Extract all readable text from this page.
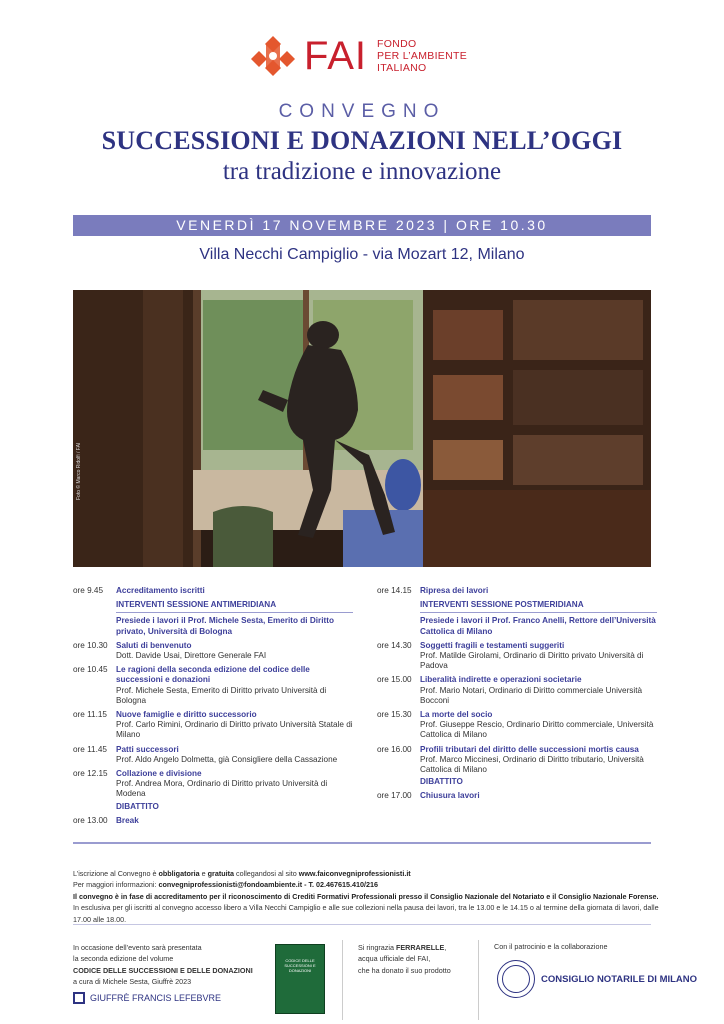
FAI FONDO
PER L’AMBIENTE
ITALIANO
CONVEGNO
SUCCESSIONI E DONAZIONI NELL’OGGI
tra tradizione e innovazione
VENERDÌ 17 NOVEMBRE 2023 | ORE 10.30
Villa Necchi Campiglio - via Mozart 12, Milano
Foto © Marco Ridolfi / FAI
ore 9.45	Accreditamento iscritti
INTERVENTI SESSIONE ANTIMERIDIANA
Presiede i lavori il Prof. Michele Sesta, Emerito di Diritto privato, Università di Bologna
ore 10.30	Saluti di benvenuto
Dott. Davide Usai, Direttore Generale FAI
ore 10.45	Le ragioni della seconda edizione del codice delle successioni e donazioni
Prof. Michele Sesta, Emerito di Diritto privato Università di Bologna
ore 11.15	Nuove famiglie e diritto successorio
Prof. Carlo Rimini, Ordinario di Diritto privato Università Statale di Milano
ore 11.45	Patti successori
Prof. Aldo Angelo Dolmetta, già Consigliere della Cassazione
ore 12.15	Collazione e divisione
Prof. Andrea Mora, Ordinario di Diritto privato Università di Modena
DIBATTITO
ore 13.00	Break
ore 14.15	Ripresa dei lavori
INTERVENTI SESSIONE POSTMERIDIANA
Presiede i lavori il Prof. Franco Anelli, Rettore dell’Università Cattolica di Milano
ore 14.30	Soggetti fragili e testamenti suggeriti
Prof. Matilde Girolami, Ordinario di Diritto privato Università di Padova
ore 15.00	Liberalità indirette e operazioni societarie
Prof. Mario Notari, Ordinario di Diritto commerciale Università Bocconi
ore 15.30	La morte del socio
Prof. Giuseppe Rescio, Ordinario Diritto commerciale, Università Cattolica di Milano
ore 16.00	Profili tributari del diritto delle successioni mortis causa
Prof. Marco Miccinesi, Ordinario di Diritto tributario, Università Cattolica di Milano
DIBATTITO
ore 17.00	Chiusura lavori
L’iscrizione al Convegno è obbligatoria e gratuita collegandosi al sito www.faiconvegniprofessionisti.it
Per maggiori informazioni: convegniprofessionisti@fondoambiente.it - T. 02.467615.410/216
Il convegno è in fase di accreditamento per il riconoscimento di Crediti Formativi Professionali presso il Consiglio Nazionale del Notariato e il Consiglio Nazionale Forense.
In esclusiva per gli iscritti al convegno accesso libero a Villa Necchi Campiglio e alle sue collezioni nella pausa dei lavori, tra le 13.00 e le 14.15 o al termine della giornata di lavori, dalle 17.00 alle 18.00.
In occasione dell’evento sarà presentata
la seconda edizione del volume
CODICE DELLE SUCCESSIONI E DELLE DONAZIONI
a cura di Michele Sesta, Giuffrè 2023
GIUFFRÈ FRANCIS LEFEBVRE
CODICE DELLE SUCCESSIONI E DONAZIONI
Si ringrazia FERRARELLE,
acqua ufficiale del FAI,
che ha donato il suo prodotto
Con il patrocinio e la collaborazione
CONSIGLIO NOTARILE DI MILANO
